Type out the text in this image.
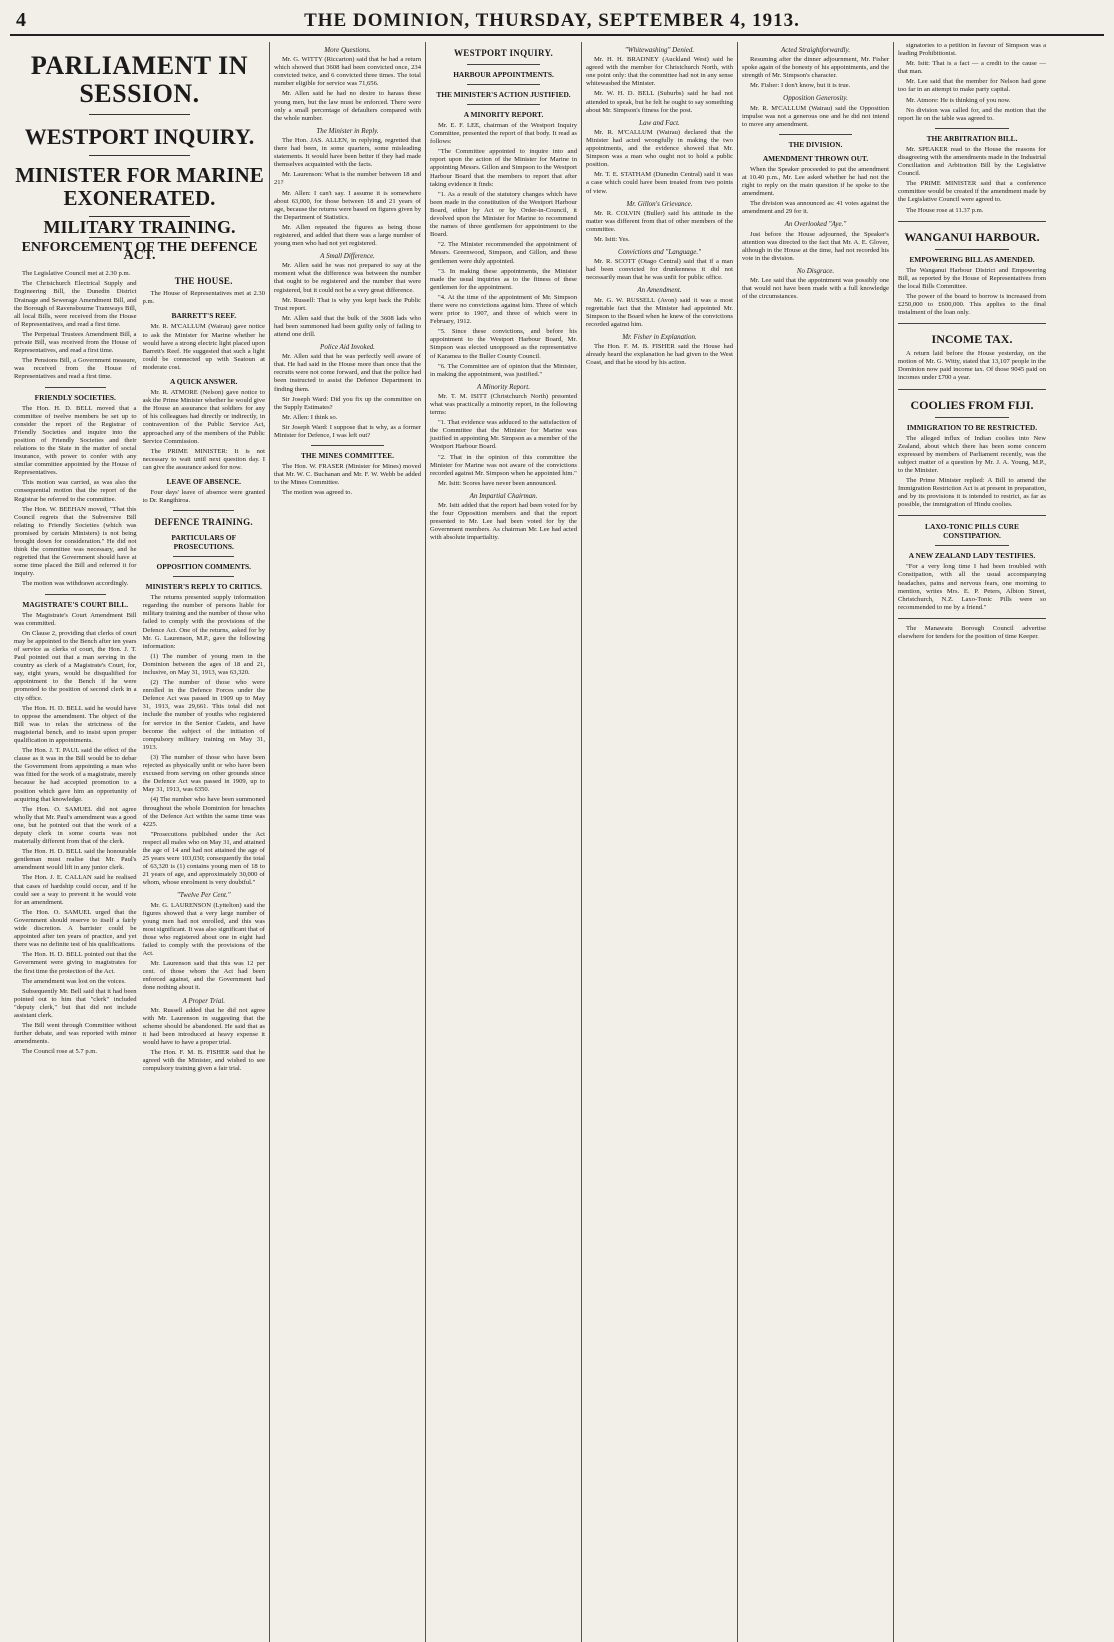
4	THE DOMINION, THURSDAY, SEPTEMBER 4, 1913.
PARLIAMENT IN SESSION.
WESTPORT INQUIRY.
MINISTER FOR MARINE EXONERATED.
MILITARY TRAINING.
ENFORCEMENT OF THE DEFENCE ACT.

The Legislative Council met at 2.30 p.m.

The Christchurch Electrical Supply and Engineering Bill, the Dunedin District Drainage and Sewerage Amendment Bill, and the Borough of Ravensbourne Tramways Bill, all local Bills, were received from the House of Representatives, and read a first time.

The Perpetual Trustees Amendment Bill, a private Bill, was received from the House of Representatives, and read a first time.

The Pensions Bill, a Government measure, was received from the House of Representatives and read a first time.

FRIENDLY SOCIETIES.

The Hon. H. D. BELL moved that a committee of twelve members be set up to consider the report of the Registrar of Friendly Societies and inquire into the position of Friendly Societies and their relations to the State in the matter of social insurance, with power to confer with any similar committee appointed by the House of Representatives.

This motion was carried, as was also the consequential motion that the report of the Registrar be referred to the committee.

The Hon. W. BEEHAN moved, "That this Council regrets that the Subversive Bill relating to Friendly Societies (which was promised by certain Ministers) is not being brought down for consideration." He did not think the committee was necessary, and he regretted that the Government should have at some time placed the Bill and referred it for inquiry.

The motion was withdrawn accordingly.

MAGISTRATE'S COURT BILL.

The Magistrate's Court Amendment Bill was committed.

On Clause 2, providing that clerks of court may be appointed to the Bench after ten years of service as clerks of court, the Hon. J. T. Paul pointed out that a man serving in the country as clerk of a Magistrate's Court, for, say, eight years, would be disqualified for appointment to the Bench if he were promoted to the position of second clerk in a city office.

The Hon. H. D. BELL said he would have to oppose the amendment. The object of the Bill was to relax the strictness of the magisterial bench, and to insist upon proper qualification in appointments.

The Hon. J. T. PAUL said the effect of the clause as it was in the Bill would be to debar the Government from appointing a man who was fitted for the work of a magistrate, merely because he had accepted promotion to a position which gave him an opportunity of acquiring that knowledge.

The Hon. O. SAMUEL did not agree wholly that Mr. Paul's amendment was a good one, but he pointed out that the work of a deputy clerk in some courts was not materially different from that of the clerk.

The Hon. H. D. BELL said the honourable gentleman must realise that Mr. Paul's amendment would lift in any junior clerk.

The Hon. J. E. CALLAN said he realised that cases of hardship could occur, and if he could see a way to prevent it he would vote for an amendment.

The Hon. O. SAMUEL urged that the Government should reserve to itself a fairly wide discretion. A barrister could be appointed after ten years of practice, and yet there was no definite test of his qualifications.

The Hon. H. D. BELL pointed out that the Government were giving to magistrates for the first time the protection of the Act.

The amendment was lost on the voices.

Subsequently Mr. Bell said that it had been pointed out to him that "clerk" included "deputy clerk," but that did not include assistant clerk.

The Bill went through Committee without further debate, and was reported with minor amendments.

The Council rose at 5.7 p.m.

THE HOUSE.

The House of Representatives met at 2.30 p.m.

BARRETT'S REEF.

Mr. R. M'CALLUM (Wairau) gave notice to ask the Minister for Marine whether he would have a strong electric light placed upon Barrett's Reef. He suggested that such a light could be connected up with Seatoun at moderate cost.

A QUICK ANSWER.

Mr. R. ATMORE (Nelson) gave notice to ask the Prime Minister whether he would give the House an assurance that soldiers for any of his colleagues had directly or indirectly, in contravention of the Public Service Act, approached any of the members of the Public Service Commission.

The PRIME MINISTER: It is not necessary to wait until next question day. I can give the assurance asked for now.

LEAVE OF ABSENCE.

Four days' leave of absence were granted to Dr. Rangihiroa.

DEFENCE TRAINING.
PARTICULARS OF PROSECUTIONS.
OPPOSITION COMMENTS.
MINISTER'S REPLY TO CRITICS.

The returns presented supply information regarding the number of persons liable for military training and the number of those who failed to comply with the provisions of the Defence Act. One of the returns, asked for by Mr. G. Laurenson, M.P., gave the following information:

(1) The number of young men in the Dominion between the ages of 18 and 21, inclusive, on May 31, 1913, was 63,320.

(2) The number of those who were enrolled in the Defence Forces under the Defence Act was passed in 1909 up to May 31, 1913, was 29,661. This total did not include the number of youths who registered for service in the Senior Cadets, and have become the subject of the initiation of compulsory military training on May 31, 1913.

(3) The number of those who have been rejected as physically unfit or who have been excused from serving on other grounds since the Defence Act was passed in 1909, up to May 31, 1913, was 6350.

(4) The number who have been summoned throughout the whole Dominion for breaches of the Defence Act within the same time was 4225.

"Prosecutions published under the Act respect all males who on May 31, and attained the age of 14 and had not attained the age of 25 years were 103,030; consequently the total of 63,320 is (1) contains young men of 18 to 21 years of age, and approximately 30,000 of whom, whose enrolment is very doubtful."

"Twelve Per Cent."

Mr. G. LAURENSON (Lyttelton) said the figures showed that a very large number of young men had not enrolled, and this was most significant. It was also significant that of those who registered about one in eight had failed to comply with the provisions of the Act.

Mr. Laurenson said that this was 12 per cent. of those whom the Act had been enforced against, and the Government had done nothing about it.

A Proper Trial.

Mr. Russell added that he did not agree with Mr. Laurenson in suggesting that the scheme should be abandoned. He said that as it had been introduced at heavy expense it would have to have a proper trial.

The Hon. F. M. B. FISHER said that he agreed with the Minister, and wished to see compulsory training given a fair trial.

More Questions.

Mr. G. WITTY (Riccarton) said that he had a return which showed that 3608 had been convicted once, 234 convicted twice, and 6 convicted three times. The total number eligible for service was 71,656.

Mr. Allen said he had no desire to harass these young men, but the law must be enforced. There were only a small percentage of defaulters compared with the whole number.

The Minister in Reply.

The Hon. JAS. ALLEN, in replying, regretted that there had been, in some quarters, some misleading statements. It would have been better if they had made themselves acquainted with the facts.

Mr. Laurenson: What is the number between 18 and 21?

Mr. Allen: I can't say. I assume it is somewhere about 63,000, for those between 18 and 21 years of age, because the returns were based on figures given by the Department of Statistics.

Mr. Allen repeated the figures as being those registered, and added that there was a large number of young men who had not yet registered.

A Small Difference.

Mr. Allen said he was not prepared to say at the moment what the difference was between the number that ought to be registered and the number that were registered, but it could not be a very great difference.

Mr. Russell: That is why you kept back the Public Trust report.

Mr. Allen said that the bulk of the 3608 lads who had been summoned had been guilty only of failing to attend one drill.

Police Aid Invoked.

Mr. Allen said that he was perfectly well aware of that. He had said in the House more than once that the recruits were not come forward, and that the police had been instructed to assist the Defence Department in finding them.

Sir Joseph Ward: Did you fix up the committee on the Supply Estimates?

Mr. Allen: I think so.

Sir Joseph Ward: I suppose that is why, as a former Minister for Defence, I was left out?

THE MINES COMMITTEE.

The Hon. W. FRASER (Minister for Mines) moved that Mr. W. C. Buchanan and Mr. F. W. Webb be added to the Mines Committee.

The motion was agreed to.

WESTPORT INQUIRY.
HARBOUR APPOINTMENTS.
THE MINISTER'S ACTION JUSTIFIED.
A MINORITY REPORT.

Mr. E. F. LEE, chairman of the Westport Inquiry Committee, presented the report of that body. It read as follows:

"The Committee appointed to inquire into and report upon the action of the Minister for Marine in appointing Messrs. Gillon and Simpson to the Westport Harbour Board that the members to report that after taking evidence it finds:

"1. As a result of the statutory changes which have been made in the constitution of the Westport Harbour Board, either by Act or by Order-in-Council, it devolved upon the Minister for Marine to recommend the names of three gentlemen for appointment to the Board.

"2. The Minister recommended the appointment of Messrs. Greenwood, Simpson, and Gillon, and these gentlemen were duly appointed.

"3. In making these appointments, the Minister made the usual inquiries as to the fitness of these gentlemen for the appointment.

"4. At the time of the appointment of Mr. Simpson there were no convictions against him. Three of which were prior to 1907, and three of which were in February, 1912.

"5. Since these convictions, and before his appointment to the Westport Harbour Board, Mr. Simpson was elected unopposed as the representative of Karamea to the Buller County Council.

"6. The Committee are of opinion that the Minister, in making the appointment, was justified."

A Minority Report.

Mr. T. M. ISITT (Christchurch North) presented what was practically a minority report, in the following terms:

"1. That evidence was adduced to the satisfaction of the Committee that the Minister for Marine was justified in appointing Mr. Simpson as a member of the Westport Harbour Board.

"2. That in the opinion of this committee the Minister for Marine was not aware of the convictions recorded against Mr. Simpson when he appointed him."

Mr. Isitt: Scores have never been announced.

An Impartial Chairman.

Mr. Isitt added that the report had been voted for by the four Opposition members and that the report presented to Mr. Lee had been voted for by the Government members. As chairman Mr. Lee had acted with absolute impartiality.

"Whitewashing" Denied.

Mr. H. H. BRADNEY (Auckland West) said he agreed with the member for Christchurch North, with one point only: that the committee had not in any sense whitewashed the Minister.

Mr. W. H. D. BELL (Suburbs) said he had not attended to speak, but he felt he ought to say something about Mr. Simpson's fitness for the post.

Law and Fact.

Mr. R. M'CALLUM (Wairau) declared that the Minister had acted wrongfully in making the two appointments, and the evidence showed that Mr. Simpson was a man who ought not to hold a public position.

Mr. T. E. STATHAM (Dunedin Central) said it was a case which could have been treated from two points of view.

Mr. Gillon's Grievance.

Mr. R. COLVIN (Buller) said his attitude in the matter was different from that of other members of the committee.

Mr. Isitt: Yes.

Convictions and "Language."

Mr. R. SCOTT (Otago Central) said that if a man had been convicted for drunkenness it did not necessarily mean that he was unfit for public office.

An Amendment.

Mr. G. W. RUSSELL (Avon) said it was a most regrettable fact that the Minister had appointed Mr. Simpson to the Board when he knew of the convictions recorded against him.

Mr. Fisher in Explanation.

The Hon. F. M. B. FISHER said the House had already heard the explanation he had given to the West Coast, and that he stood by his action.

Acted Straightforwardly.

Resuming after the dinner adjournment, Mr. Fisher spoke again of the honesty of his appointments, and the strength of Mr. Simpson's character.

Mr. Fisher: I don't know, but it is true.

Opposition Generosity.

Mr. R. M'CALLUM (Wairau) said the Opposition impulse was not a generous one and he did not intend to move any amendment.

THE DIVISION.
AMENDMENT THROWN OUT.

When the Speaker proceeded to put the amendment at 10.40 p.m., Mr. Lee asked whether he had not the right to reply on the main question if he spoke to the amendment.

The division was announced as: 41 votes against the amendment and 29 for it.

An Overlooked "Aye."

Just before the House adjourned, the Speaker's attention was directed to the fact that Mr. A. E. Glover, although in the House at the time, had not recorded his vote in the division.

No Disgrace.

Mr. Lee said that the appointment was possibly one that would not have been made with a full knowledge of the circumstances.

signatories to a petition in favour of Simpson was a leading Prohibitionist.

Mr. Isitt: That is a fact — a credit to the cause — that man.

Mr. Lee said that the member for Nelson had gone too far in an attempt to make party capital.

Mr. Atmore: He is thinking of you now.

No division was called for, and the motion that the report lie on the table was agreed to.

THE ARBITRATION BILL.

Mr. SPEAKER read to the House the reasons for disagreeing with the amendments made in the Industrial Conciliation and Arbitration Bill by the Legislative Council.

The PRIME MINISTER said that a conference committee would be created if the amendment made by the Legislative Council were agreed to.

The House rose at 11.37 p.m.

WANGANUI HARBOUR.
EMPOWERING BILL AS AMENDED.

The Wanganui Harbour District and Empowering Bill, as reported by the House of Representatives from the local Bills Committee.

The power of the board to borrow is increased from £250,000 to £600,000. This applies to the final instalment of the loan only.

INCOME TAX.

A return laid before the House yesterday, on the motion of Mr. G. Witty, stated that 13,107 people in the Dominion now paid income tax. Of those 9045 paid on incomes under £700 a year.

COOLIES FROM FIJI.
IMMIGRATION TO BE RESTRICTED.

The alleged influx of Indian coolies into New Zealand, about which there has been some concern expressed by members of Parliament recently, was the subject matter of a question by Mr. J. A. Young, M.P., to the Minister.

The Prime Minister replied: A Bill to amend the Immigration Restriction Act is at present in preparation, and by its provisions it is intended to restrict, as far as possible, the immigration of Hindu coolies.

LAXO-TONIC PILLS CURE CONSTIPATION.
A NEW ZEALAND LADY TESTIFIES.

"For a very long time I had been troubled with Constipation, with all the usual accompanying headaches, pains and nervous fears, one morning to mention, writes Mrs. E. P. Peters, Albion Street, Christchurch, N.Z. Laxo-Tonic Pills were so recommended to me by a friend."

The Manawatu Borough Council advertise elsewhere for tenders for the position of time Keeper.
